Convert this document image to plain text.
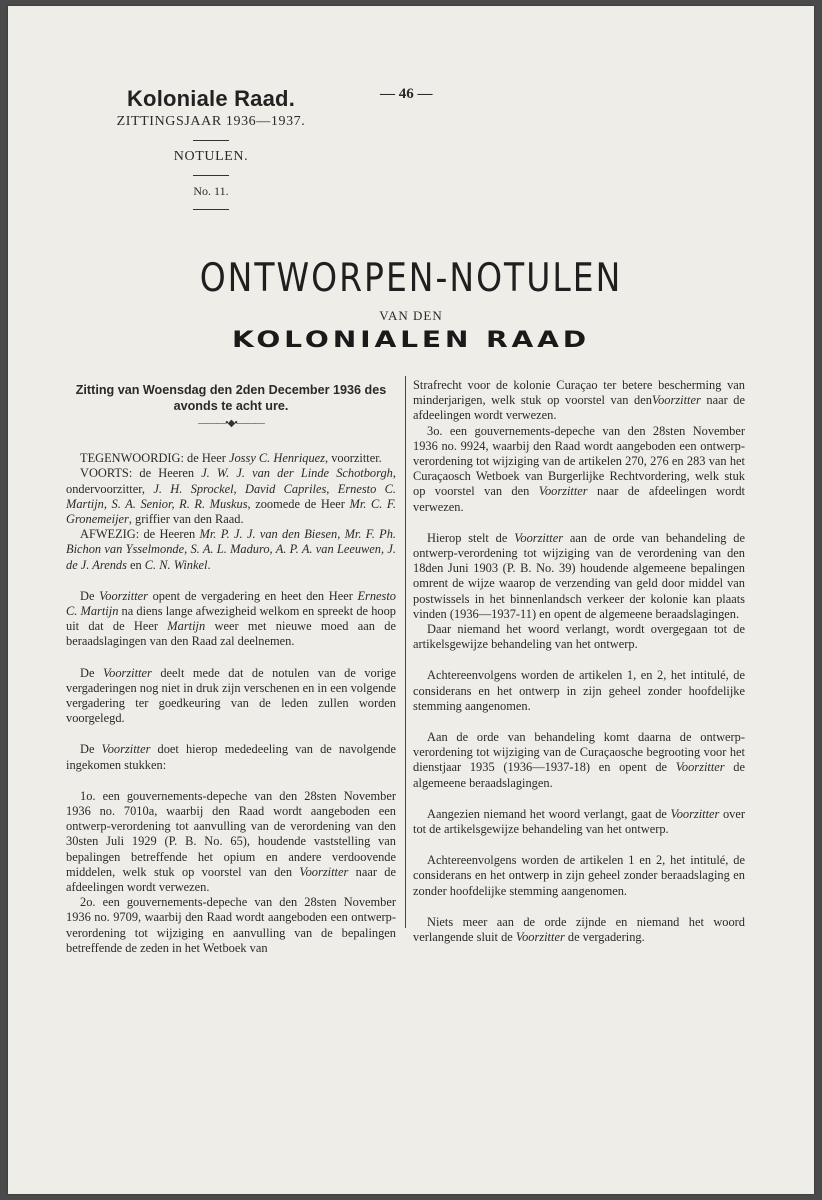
Koloniale Raad.
ZITTINGSJAAR 1936—1937.
NOTULEN.
No. 11.
— 46 —
ONTWORPEN-NOTULEN
VAN DEN
KOLONIALEN RAAD
Zitting van Woensdag den 2den December 1936 des avonds te acht ure.
———•◆•———

TEGENWOORDIG: de Heer Jossy C. Henriquez, voorzitter.

VOORTS: de Heeren J. W. J. van der Linde Schotborgh, ondervoorzitter, J. H. Sprockel, David Capriles, Ernesto C. Martijn, S. A. Senior, R. R. Muskus, zoomede de Heer Mr. C. F. Gronemeijer, griffier van den Raad.

AFWEZIG: de Heeren Mr. P. J. J. van den Biesen, Mr. F. Ph. Bichon van Ysselmonde, S. A. L. Maduro, A. P. A. van Leeuwen, J. de J. Arends en C. N. Winkel.

De Voorzitter opent de vergadering en heet den Heer Ernesto C. Martijn na diens lange afwezigheid welkom en spreekt de hoop uit dat de Heer Martijn weer met nieuwe moed aan de beraadslagingen van den Raad zal deelnemen.

De Voorzitter deelt mede dat de notulen van de vorige vergaderingen nog niet in druk zijn verschenen en in een volgende vergadering ter goedkeuring van de leden zullen worden voorgelegd.

De Voorzitter doet hierop mededeeling van de navolgende ingekomen stukken:

1o. een gouvernements-depeche van den 28sten November 1936 no. 7010a, waarbij den Raad wordt aangeboden een ontwerp-verordening tot aanvulling van de verordening van den 30sten Juli 1929 (P. B. No. 65), houdende vaststelling van bepalingen betreffende het opium en andere verdoovende middelen, welk stuk op voorstel van den Voorzitter naar de afdeelingen wordt verwezen.

2o. een gouvernements-depeche van den 28sten November 1936 no. 9709, waarbij den Raad wordt aangeboden een ontwerp-verordening tot wijziging en aanvulling van de bepalingen betreffende de zeden in het Wetboek van

Strafrecht voor de kolonie Curaçao ter betere bescherming van minderjarigen, welk stuk op voorstel van denVoorzitter naar de afdeelingen wordt verwezen.

3o. een gouvernements-depeche van den 28sten November 1936 no. 9924, waarbij den Raad wordt aangeboden een ontwerp-verordening tot wijziging van de artikelen 270, 276 en 283 van het Curaçaosch Wetboek van Burgerlijke Rechtvordering, welk stuk op voorstel van den Voorzitter naar de afdeelingen wordt verwezen.

Hierop stelt de Voorzitter aan de orde van behandeling de ontwerp-verordening tot wijziging van de verordening van den 18den Juni 1903 (P. B. No. 39) houdende algemeene bepalingen omrent de wijze waarop de verzending van geld door middel van postwissels in het binnenlandsch verkeer der kolonie kan plaats vinden (1936—1937-11) en opent de algemeene beraadslagingen.

Daar niemand het woord verlangt, wordt overgegaan tot de artikelsgewijze behandeling van het ontwerp.

Achtereenvolgens worden de artikelen 1, en 2, het intitulé, de considerans en het ontwerp in zijn geheel zonder hoofdelijke stemming aangenomen.

Aan de orde van behandeling komt daarna de ontwerp-verordening tot wijziging van de Curaçaosche begrooting voor het dienstjaar 1935 (1936—1937-18) en opent de Voorzitter de algemeene beraadslagingen.

Aangezien niemand het woord verlangt, gaat de Voorzitter over tot de artikelsgewijze behandeling van het ontwerp.

Achtereenvolgens worden de artikelen 1 en 2, het intitulé, de considerans en het ontwerp in zijn geheel zonder beraadslaging en zonder hoofdelijke stemming aangenomen.

Niets meer aan de orde zijnde en niemand het woord verlangende sluit de Voorzitter de vergadering.
